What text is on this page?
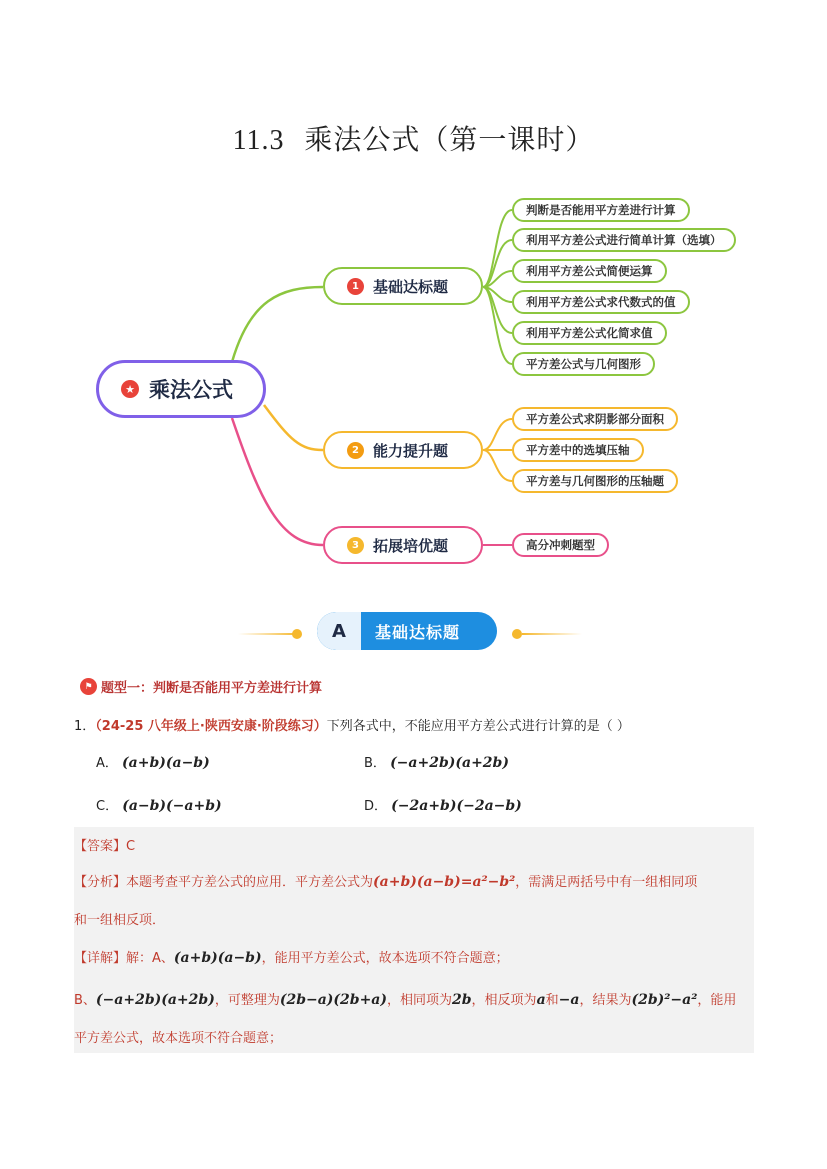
11.3 乘法公式（第一课时）
★ 乘法公式
1 基础达标题
2 能力提升题
3 拓展培优题
判断是否能用平方差进行计算
利用平方差公式进行简单计算（选填）
利用平方差公式简便运算
利用平方差公式求代数式的值
利用平方差公式化简求值
平方差公式与几何图形
平方差公式求阴影部分面积
平方差中的选填压轴
平方差与几何图形的压轴题
高分冲刺题型
A	基础达标题
⚑ 题型一：判断是否能用平方差进行计算
1．（24-25 八年级上·陕西安康·阶段练习）下列各式中，不能应用平方差公式进行计算的是（ ）
A． (a+b)(a−b)	B． (−a+2b)(a+2b)
C． (a−b)(−a+b)	D． (−2a+b)(−2a−b)
【答案】C
【分析】本题考查平方差公式的应用．平方差公式为(a+b)(a−b)=a²−b²，需满足两括号中有一组相同项
和一组相反项．
【详解】解：A、(a+b)(a−b)，能用平方差公式，故本选项不符合题意；
B、(−a+2b)(a+2b)，可整理为(2b−a)(2b+a)，相同项为2b，相反项为a和−a，结果为(2b)²−a²，能用
平方差公式，故本选项不符合题意；
